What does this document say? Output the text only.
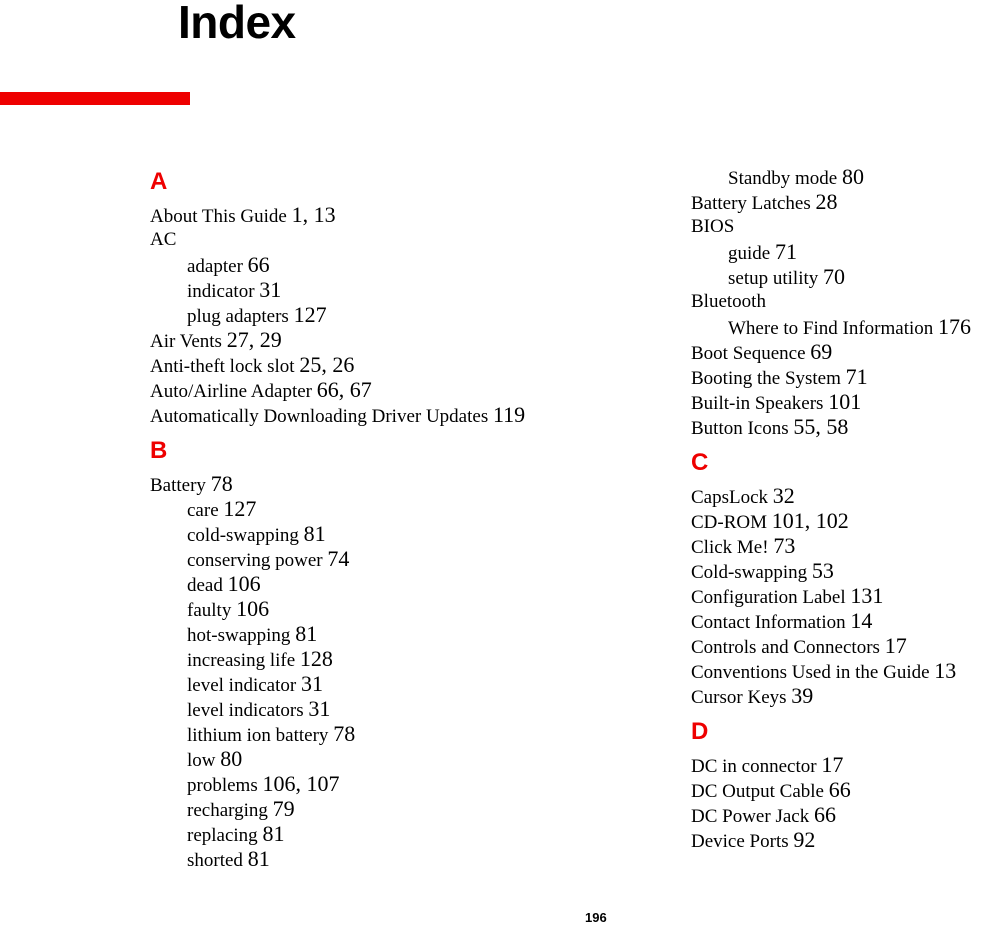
Index
A
About This Guide 1, 13
AC
adapter 66
indicator 31
plug adapters 127
Air Vents 27, 29
Anti-theft lock slot 25, 26
Auto/Airline Adapter 66, 67
Automatically Downloading Driver Updates 119
B
Battery 78
care 127
cold-swapping 81
conserving power 74
dead 106
faulty 106
hot-swapping 81
increasing life 128
level indicator 31
level indicators 31
lithium ion battery 78
low 80
problems 106, 107
recharging 79
replacing 81
shorted 81
Standby mode 80
Battery Latches 28
BIOS
guide 71
setup utility 70
Bluetooth
Where to Find Information 176
Boot Sequence 69
Booting the System 71
Built-in Speakers 101
Button Icons 55, 58
C
CapsLock 32
CD-ROM 101, 102
Click Me! 73
Cold-swapping 53
Configuration Label 131
Contact Information 14
Controls and Connectors 17
Conventions Used in the Guide 13
Cursor Keys 39
D
DC in connector 17
DC Output Cable 66
DC Power Jack 66
Device Ports 92
196
